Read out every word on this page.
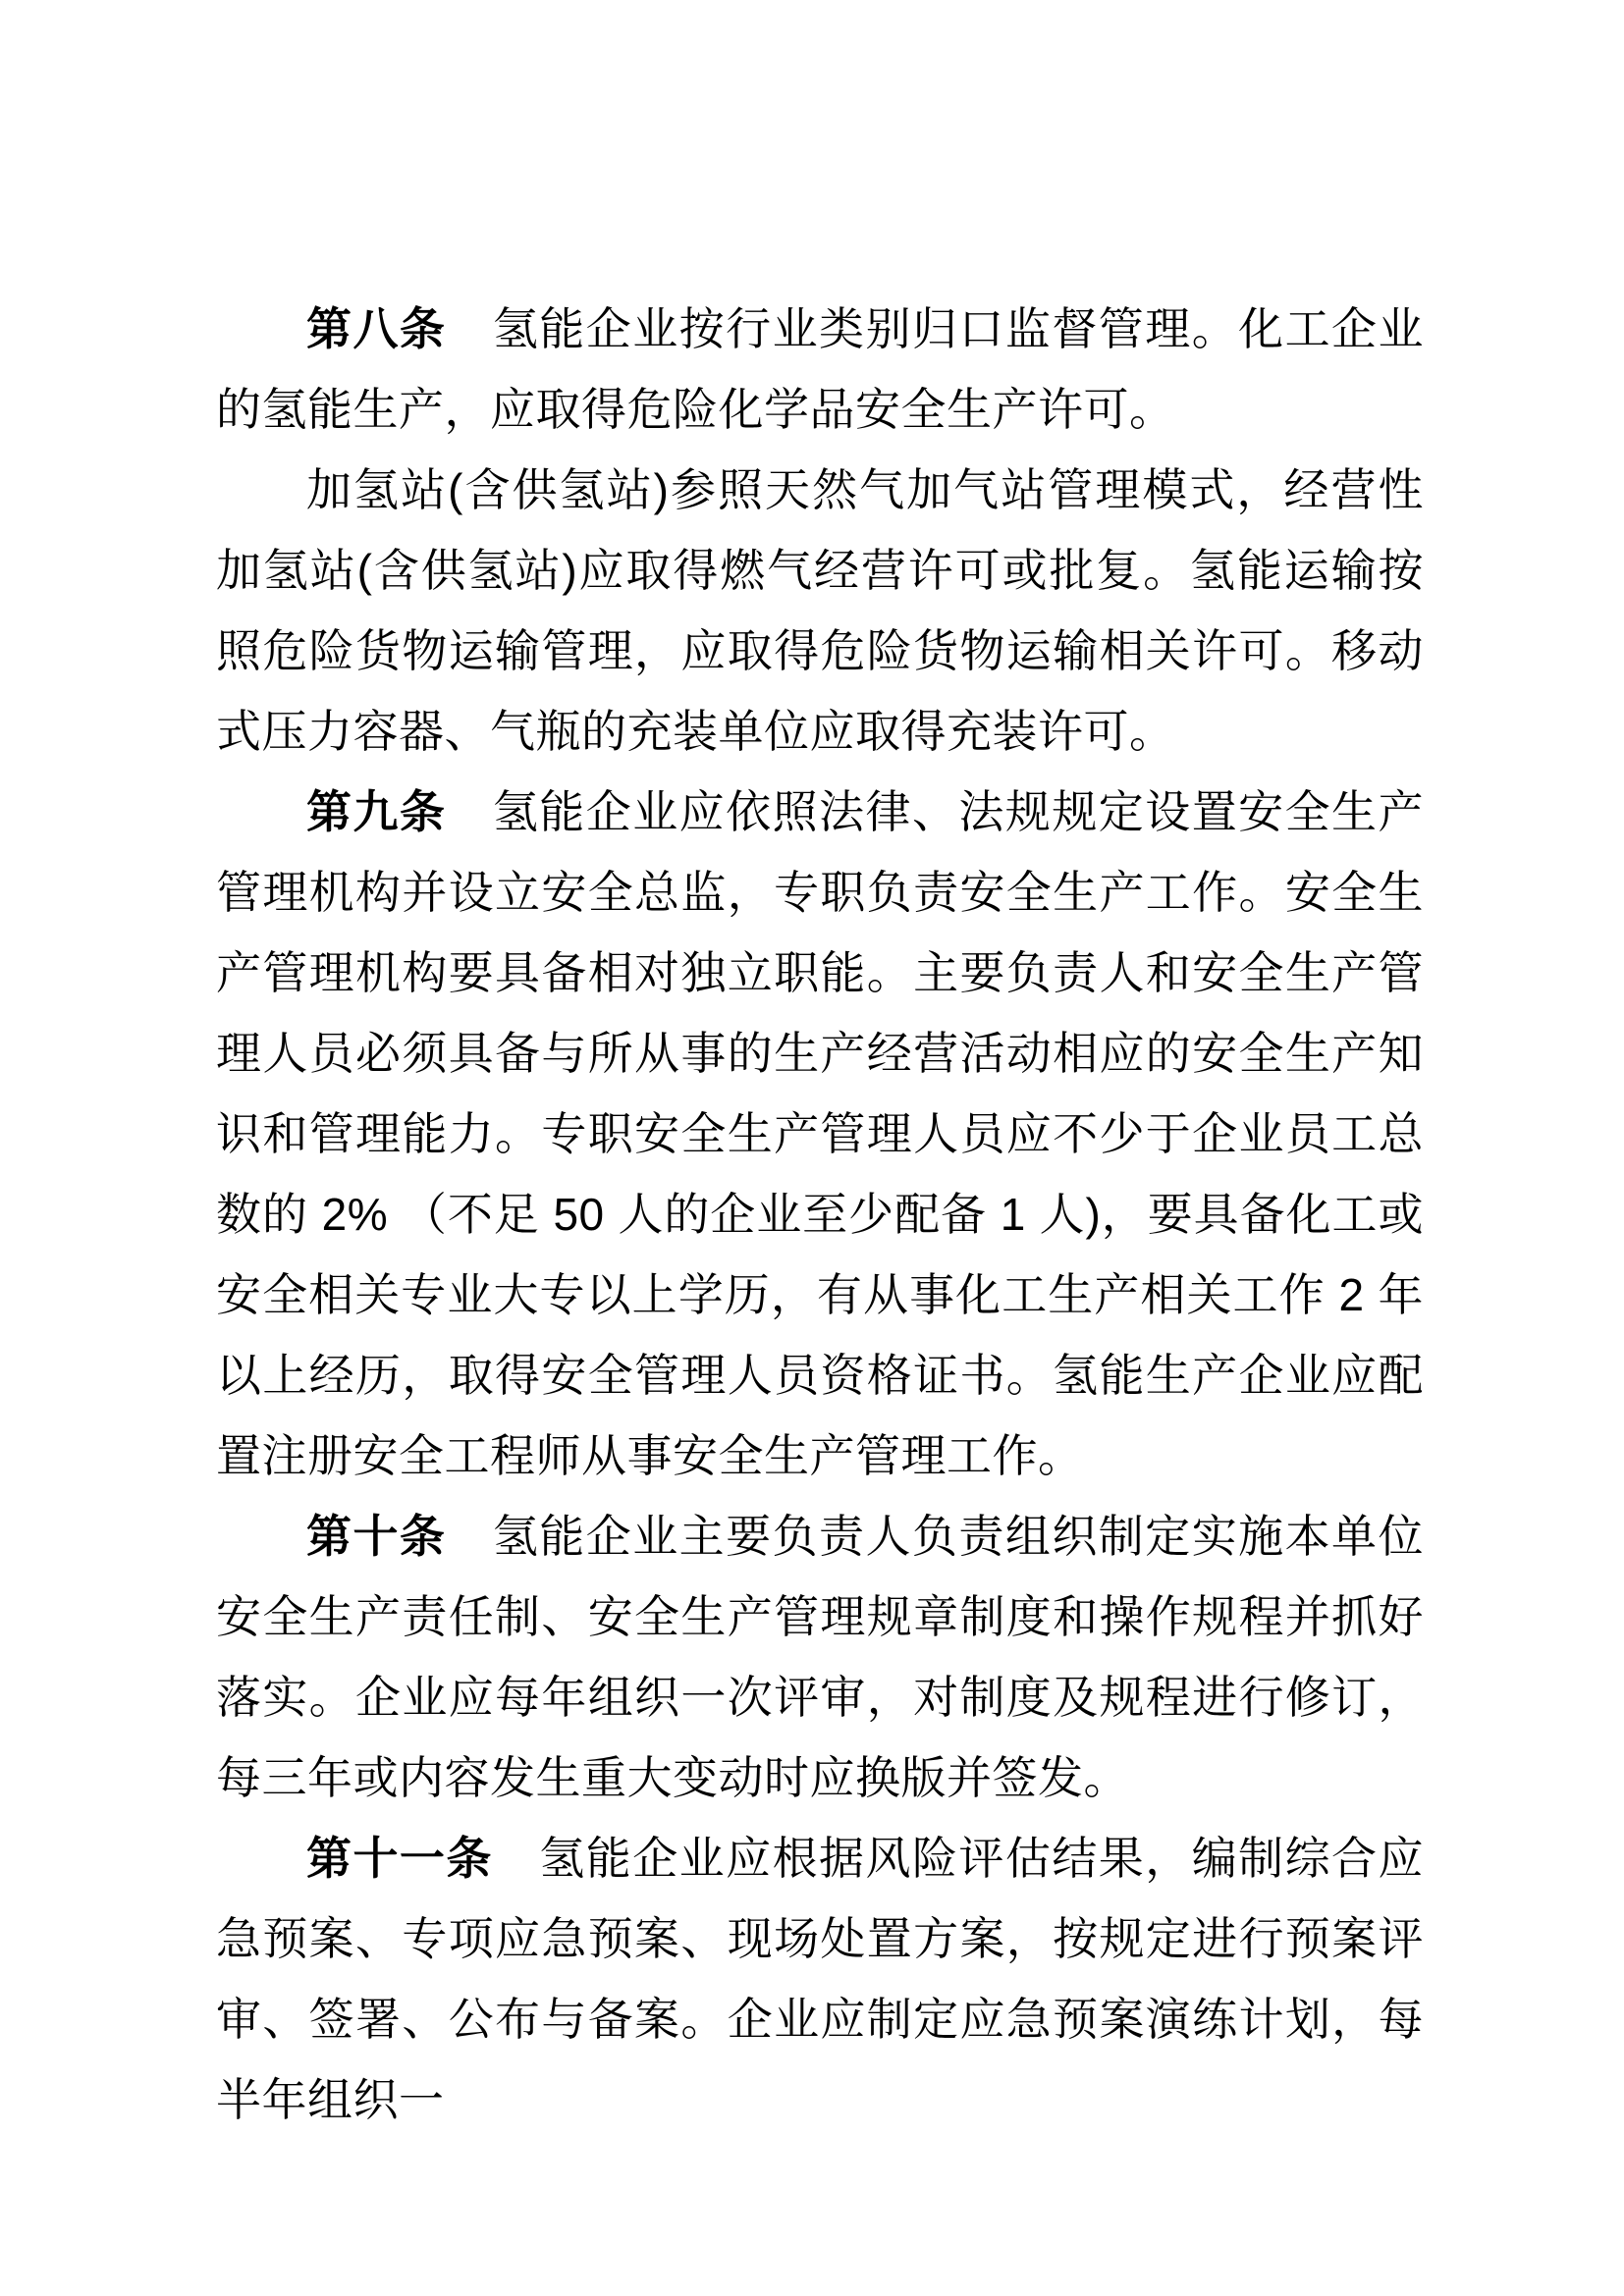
第八条 氢能企业按行业类别归口监督管理。化工企业的氢能生产，应取得危险化学品安全生产许可。

加氢站(含供氢站)参照天然气加气站管理模式，经营性加氢站(含供氢站)应取得燃气经营许可或批复。氢能运输按照危险货物运输管理，应取得危险货物运输相关许可。移动式压力容器、气瓶的充装单位应取得充装许可。

第九条 氢能企业应依照法律、法规规定设置安全生产管理机构并设立安全总监，专职负责安全生产工作。安全生产管理机构要具备相对独立职能。主要负责人和安全生产管理人员必须具备与所从事的生产经营活动相应的安全生产知识和管理能力。专职安全生产管理人员应不少于企业员工总数的 2% （不足 50 人的企业至少配备 1 人)，要具备化工或安全相关专业大专以上学历，有从事化工生产相关工作 2 年以上经历，取得安全管理人员资格证书。氢能生产企业应配置注册安全工程师从事安全生产管理工作。

第十条 氢能企业主要负责人负责组织制定实施本单位安全生产责任制、安全生产管理规章制度和操作规程并抓好落实。企业应每年组织一次评审，对制度及规程进行修订，每三年或内容发生重大变动时应换版并签发。

第十一条 氢能企业应根据风险评估结果，编制综合应急预案、专项应急预案、现场处置方案，按规定进行预案评审、签署、公布与备案。企业应制定应急预案演练计划，每半年组织一
